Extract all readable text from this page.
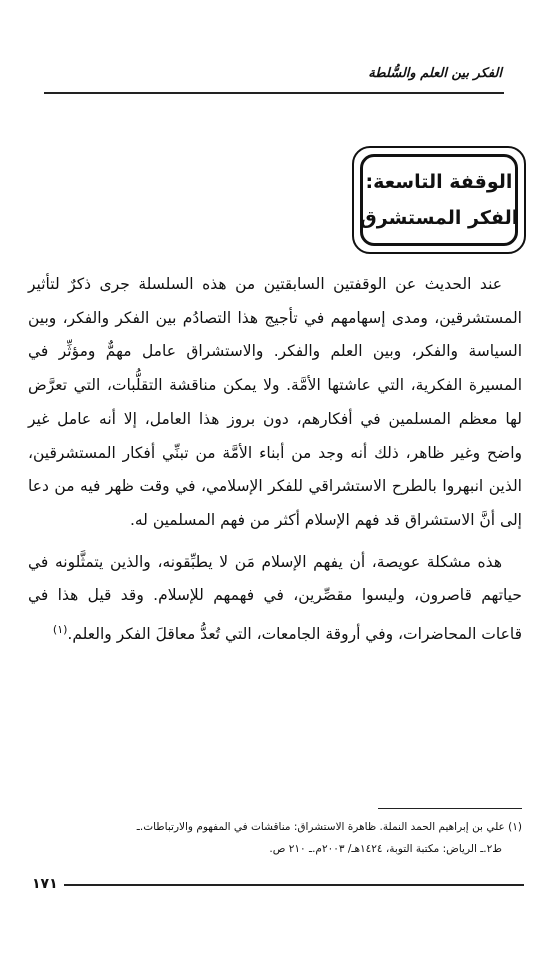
الفكر بين العلم والسُّلطة
الوقفة التاسعة:
الفكر المستشرق

عند الحديث عن الوقفتين السابقتين من هذه السلسلة جرى ذكرٌ لتأثير المستشرقين، ومدى إسهامهم في تأجيج هذا التصادُم بين الفكر والفكر، وبين السياسة والفكر، وبين العلم والفكر. والاستشراق عامل مهمٌّ ومؤثِّر في المسيرة الفكرية، التي عاشتها الأمَّة. ولا يمكن مناقشة التقلُّبات، التي تعرَّض لها معظم المسلمين في أفكارهم، دون بروز هذا العامل، إلا أنه عامل غير واضح وغير ظاهر، ذلك أنه وجد من أبناء الأمَّة من تبنِّي أفكار المستشرقين، الذين انبهروا بالطرح الاستشراقي للفكر الإسلامي، في وقت ظهر فيه من دعا إلى أنَّ الاستشراق قد فهم الإسلام أكثر من فهم المسلمين له.

هذه مشكلة عويصة، أن يفهم الإسلام مَن لا يطبِّقونه، والذين يتمثَّلونه في حياتهم قاصرون، وليسوا مقصِّرين، في فهمهم للإسلام. وقد قيل هذا في قاعات المحاضرات، وفي أروقة الجامعات، التي تُعدُّ معاقلَ الفكر والعلم.$^{(١)}$

(١) علي بن إبراهيم الحمد النملة. ظاهرة الاستشراق: مناقشات في المفهوم والارتباطات.ـ
ط٢.ـ الرياض: مكتبة التوبة، ١٤٢٤هـ/ ٢٠٠٣م.ـ ٢١٠ ص.
١٧١
